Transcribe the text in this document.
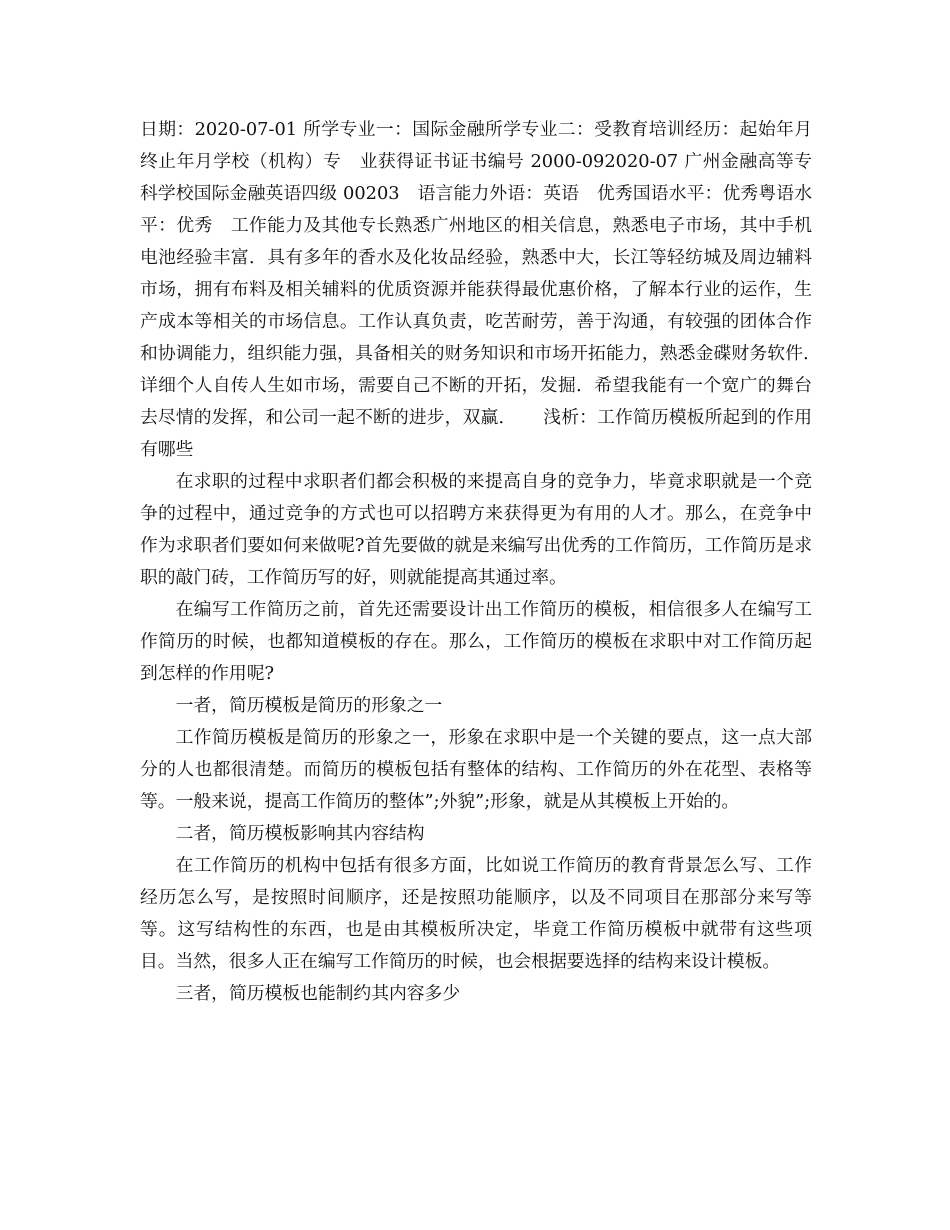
日期：2020-07-01 所学专业一：国际金融所学专业二：受教育培训经历：起始年月终止年月学校（机构）专　业获得证书证书编号 2000-092020-07 广州金融高等专科学校国际金融英语四级 00203　语言能力外语：英语　优秀国语水平：优秀粤语水平：优秀　工作能力及其他专长熟悉广州地区的相关信息，熟悉电子市场，其中手机电池经验丰富．具有多年的香水及化妆品经验，熟悉中大，长江等轻纺城及周边辅料市场，拥有布料及相关辅料的优质资源并能获得最优惠价格，了解本行业的运作，生产成本等相关的市场信息。工作认真负责，吃苦耐劳，善于沟通，有较强的团体合作和协调能力，组织能力强，具备相关的财务知识和市场开拓能力，熟悉金碟财务软件．　详细个人自传人生如市场，需要自己不断的开拓，发掘．希望我能有一个宽广的舞台去尽情的发挥，和公司一起不断的进步，双赢．　　浅析：工作简历模板所起到的作用有哪些

在求职的过程中求职者们都会积极的来提高自身的竞争力，毕竟求职就是一个竞争的过程中，通过竞争的方式也可以招聘方来获得更为有用的人才。那么，在竞争中作为求职者们要如何来做呢?首先要做的就是来编写出优秀的工作简历，工作简历是求职的敲门砖，工作简历写的好，则就能提高其通过率。

在编写工作简历之前，首先还需要设计出工作简历的模板，相信很多人在编写工作简历的时候，也都知道模板的存在。那么，工作简历的模板在求职中对工作简历起到怎样的作用呢?

一者，简历模板是简历的形象之一

工作简历模板是简历的形象之一，形象在求职中是一个关键的要点，这一点大部分的人也都很清楚。而简历的模板包括有整体的结构、工作简历的外在花型、表格等等。一般来说，提高工作简历的整体”;外貌”;形象，就是从其模板上开始的。

二者，简历模板影响其内容结构

在工作简历的机构中包括有很多方面，比如说工作简历的教育背景怎么写、工作经历怎么写，是按照时间顺序，还是按照功能顺序，以及不同项目在那部分来写等等。这写结构性的东西，也是由其模板所决定，毕竟工作简历模板中就带有这些项目。当然，很多人正在编写工作简历的时候，也会根据要选择的结构来设计模板。

三者，简历模板也能制约其内容多少
